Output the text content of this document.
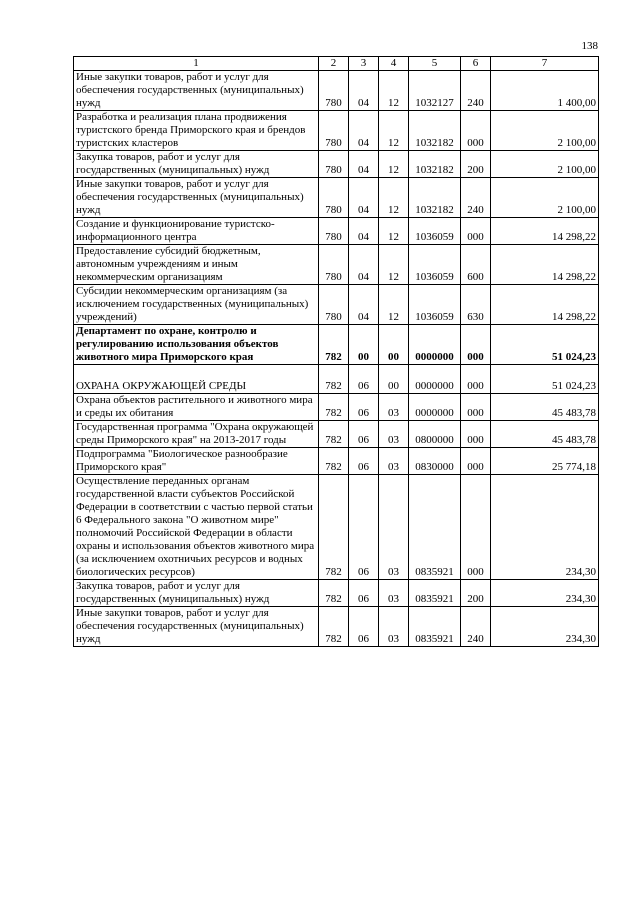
138
1	2	3	4	5	6	7
Иные закупки товаров, работ и услуг для обеспечения государственных (муниципальных) нужд	780	04	12	1032127	240	1 400,00
Разработка и реализация плана продвижения туристского бренда Приморского края и брендов туристских кластеров	780	04	12	1032182	000	2 100,00
Закупка товаров, работ и услуг для государственных (муниципальных) нужд	780	04	12	1032182	200	2 100,00
Иные закупки товаров, работ и услуг для обеспечения государственных (муниципальных) нужд	780	04	12	1032182	240	2 100,00
Создание и функционирование туристско-информационного центра	780	04	12	1036059	000	14 298,22
Предоставление субсидий бюджетным, автономным учреждениям и иным некоммерческим организациям	780	04	12	1036059	600	14 298,22
Субсидии некоммерческим организациям (за исключением государственных (муниципальных) учреждений)	780	04	12	1036059	630	14 298,22
Департамент по охране, контролю и регулированию использования объектов животного мира Приморского края	782	00	00	0000000	000	51 024,23
ОХРАНА ОКРУЖАЮЩЕЙ СРЕДЫ	782	06	00	0000000	000	51 024,23
Охрана объектов растительного и животного мира и среды их обитания	782	06	03	0000000	000	45 483,78
Государственная программа "Охрана окружающей среды Приморского края" на 2013-2017 годы	782	06	03	0800000	000	45 483,78
Подпрограмма "Биологическое разнообразие Приморского края"	782	06	03	0830000	000	25 774,18
Осуществление переданных органам государственной власти субъектов Российской Федерации в соответствии с частью первой статьи 6 Федерального закона "О животном мире" полномочий Российской Федерации в области охраны и использования объектов животного мира (за исключением охотничьих ресурсов и водных биологических ресурсов)	782	06	03	0835921	000	234,30
Закупка товаров, работ и услуг для государственных (муниципальных) нужд	782	06	03	0835921	200	234,30
Иные закупки товаров, работ и услуг для обеспечения государственных (муниципальных) нужд	782	06	03	0835921	240	234,30
